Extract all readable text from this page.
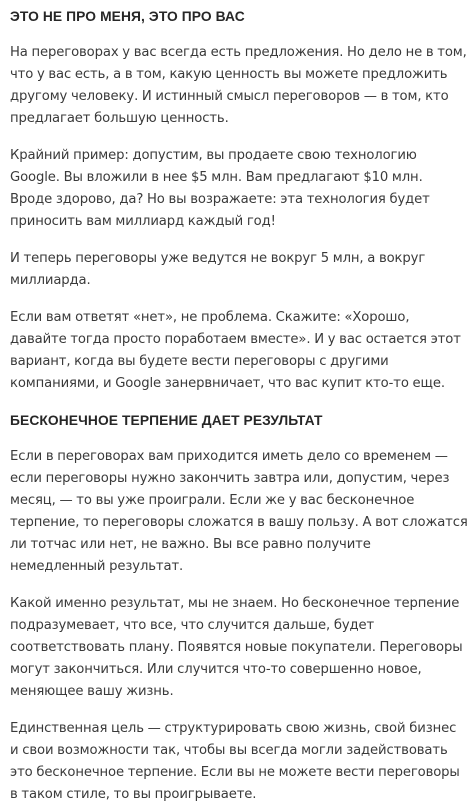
ЭТО НЕ ПРО МЕНЯ, ЭТО ПРО ВАС

На переговорах у вас всегда есть предложения. Но дело не в том, что у вас есть, а в том, какую ценность вы можете предложить другому человеку. И истинный смысл переговоров — в том, кто предлагает большую ценность.

Крайний пример: допустим, вы продаете свою технологию Google. Вы вложили в нее $5 млн. Вам предлагают $10 млн. Вроде здорово, да? Но вы возражаете: эта технология будет приносить вам миллиард каждый год!

И теперь переговоры уже ведутся не вокруг 5 млн, а вокруг миллиарда.

Если вам ответят «нет», не проблема. Скажите: «Хорошо, давайте тогда просто поработаем вместе». И у вас остается этот вариант, когда вы будете вести переговоры с другими компаниями, и Google занервничает, что вас купит кто-то еще.

БЕСКОНЕЧНОЕ ТЕРПЕНИЕ ДАЕТ РЕЗУЛЬТАТ

Если в переговорах вам приходится иметь дело со временем — если переговоры нужно закончить завтра или, допустим, через месяц, — то вы уже проиграли. Если же у вас бесконечное терпение, то переговоры сложатся в вашу пользу. А вот сложатся ли тотчас или нет, не важно. Вы все равно получите немедленный результат.

Какой именно результат, мы не знаем. Но бесконечное терпение подразумевает, что все, что случится дальше, будет соответствовать плану. Появятся новые покупатели. Переговоры могут закончиться. Или случится что-то совершенно новое, меняющее вашу жизнь.

Единственная цель — структурировать свою жизнь, свой бизнес и свои возможности так, чтобы вы всегда могли задействовать это бесконечное терпение. Если вы не можете вести переговоры в таком стиле, то вы проигрываете.
